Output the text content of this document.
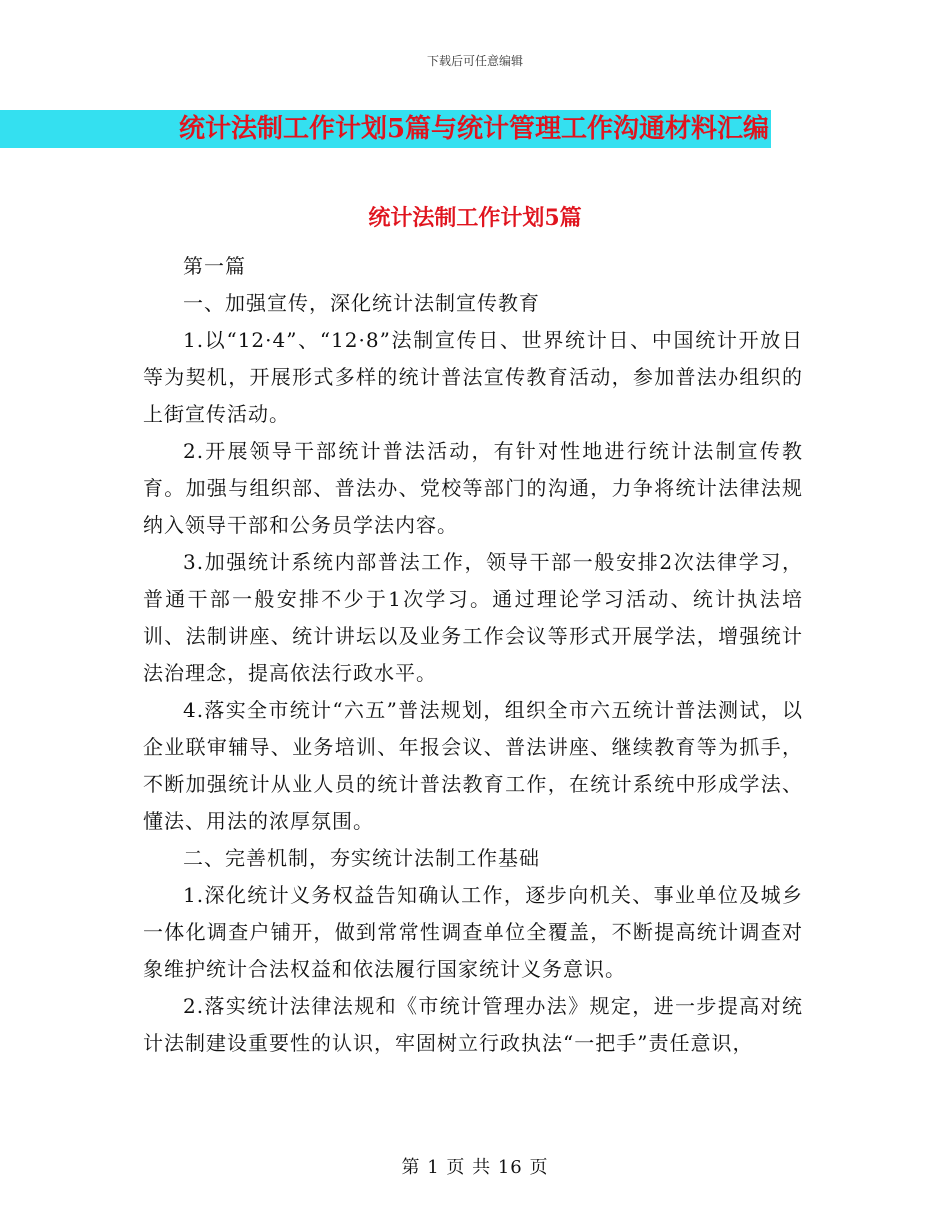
下载后可任意编辑
统计法制工作计划5篇与统计管理工作沟通材料汇编
统计法制工作计划5篇

第一篇

一、加强宣传，深化统计法制宣传教育

1.以“12·4”、“12·8”法制宣传日、世界统计日、中国统计开放日等为契机，开展形式多样的统计普法宣传教育活动，参加普法办组织的上街宣传活动。

2.开展领导干部统计普法活动，有针对性地进行统计法制宣传教育。加强与组织部、普法办、党校等部门的沟通，力争将统计法律法规纳入领导干部和公务员学法内容。

3.加强统计系统内部普法工作，领导干部一般安排2次法律学习，普通干部一般安排不少于1次学习。通过理论学习活动、统计执法培训、法制讲座、统计讲坛以及业务工作会议等形式开展学法，增强统计法治理念，提高依法行政水平。

4.落实全市统计“六五”普法规划，组织全市六五统计普法测试，以企业联审辅导、业务培训、年报会议、普法讲座、继续教育等为抓手，不断加强统计从业人员的统计普法教育工作，在统计系统中形成学法、懂法、用法的浓厚氛围。

二、完善机制，夯实统计法制工作基础

1.深化统计义务权益告知确认工作，逐步向机关、事业单位及城乡一体化调查户铺开，做到常常性调查单位全覆盖，不断提高统计调查对象维护统计合法权益和依法履行国家统计义务意识。

2.落实统计法律法规和《市统计管理办法》规定，进一步提高对统计法制建设重要性的认识，牢固树立行政执法“一把手”责任意识，

第 1 页 共 16 页
